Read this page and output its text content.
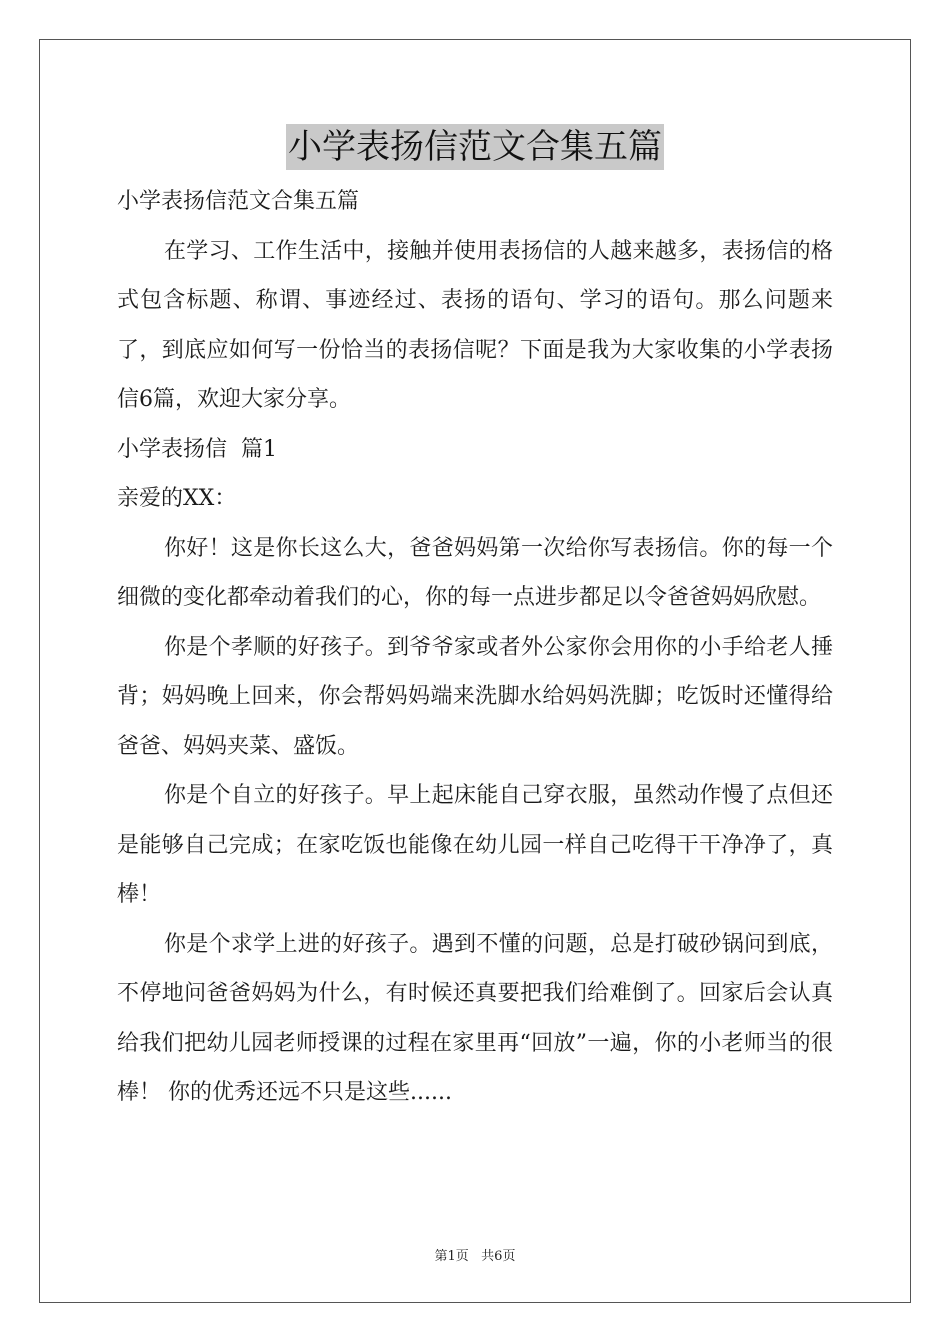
小学表扬信范文合集五篇

小学表扬信范文合集五篇

在学习、工作生活中，接触并使用表扬信的人越来越多，表扬信的格式包含标题、称谓、事迹经过、表扬的语句、学习的语句。那么问题来了，到底应如何写一份恰当的表扬信呢？下面是我为大家收集的小学表扬信6篇，欢迎大家分享。

小学表扬信  篇1

亲爱的XX：

你好！这是你长这么大，爸爸妈妈第一次给你写表扬信。你的每一个细微的变化都牵动着我们的心，你的每一点进步都足以令爸爸妈妈欣慰。

你是个孝顺的好孩子。到爷爷家或者外公家你会用你的小手给老人捶背；妈妈晚上回来，你会帮妈妈端来洗脚水给妈妈洗脚；吃饭时还懂得给爸爸、妈妈夹菜、盛饭。

你是个自立的好孩子。早上起床能自己穿衣服，虽然动作慢了点但还是能够自己完成；在家吃饭也能像在幼儿园一样自己吃得干干净净了，真棒！

你是个求学上进的好孩子。遇到不懂的问题，总是打破砂锅问到底，不停地问爸爸妈妈为什么，有时候还真要把我们给难倒了。回家后会认真给我们把幼儿园老师授课的过程在家里再“回放”一遍，你的小老师当的很棒！ 你的优秀还远不只是这些......

第1页   共6页
